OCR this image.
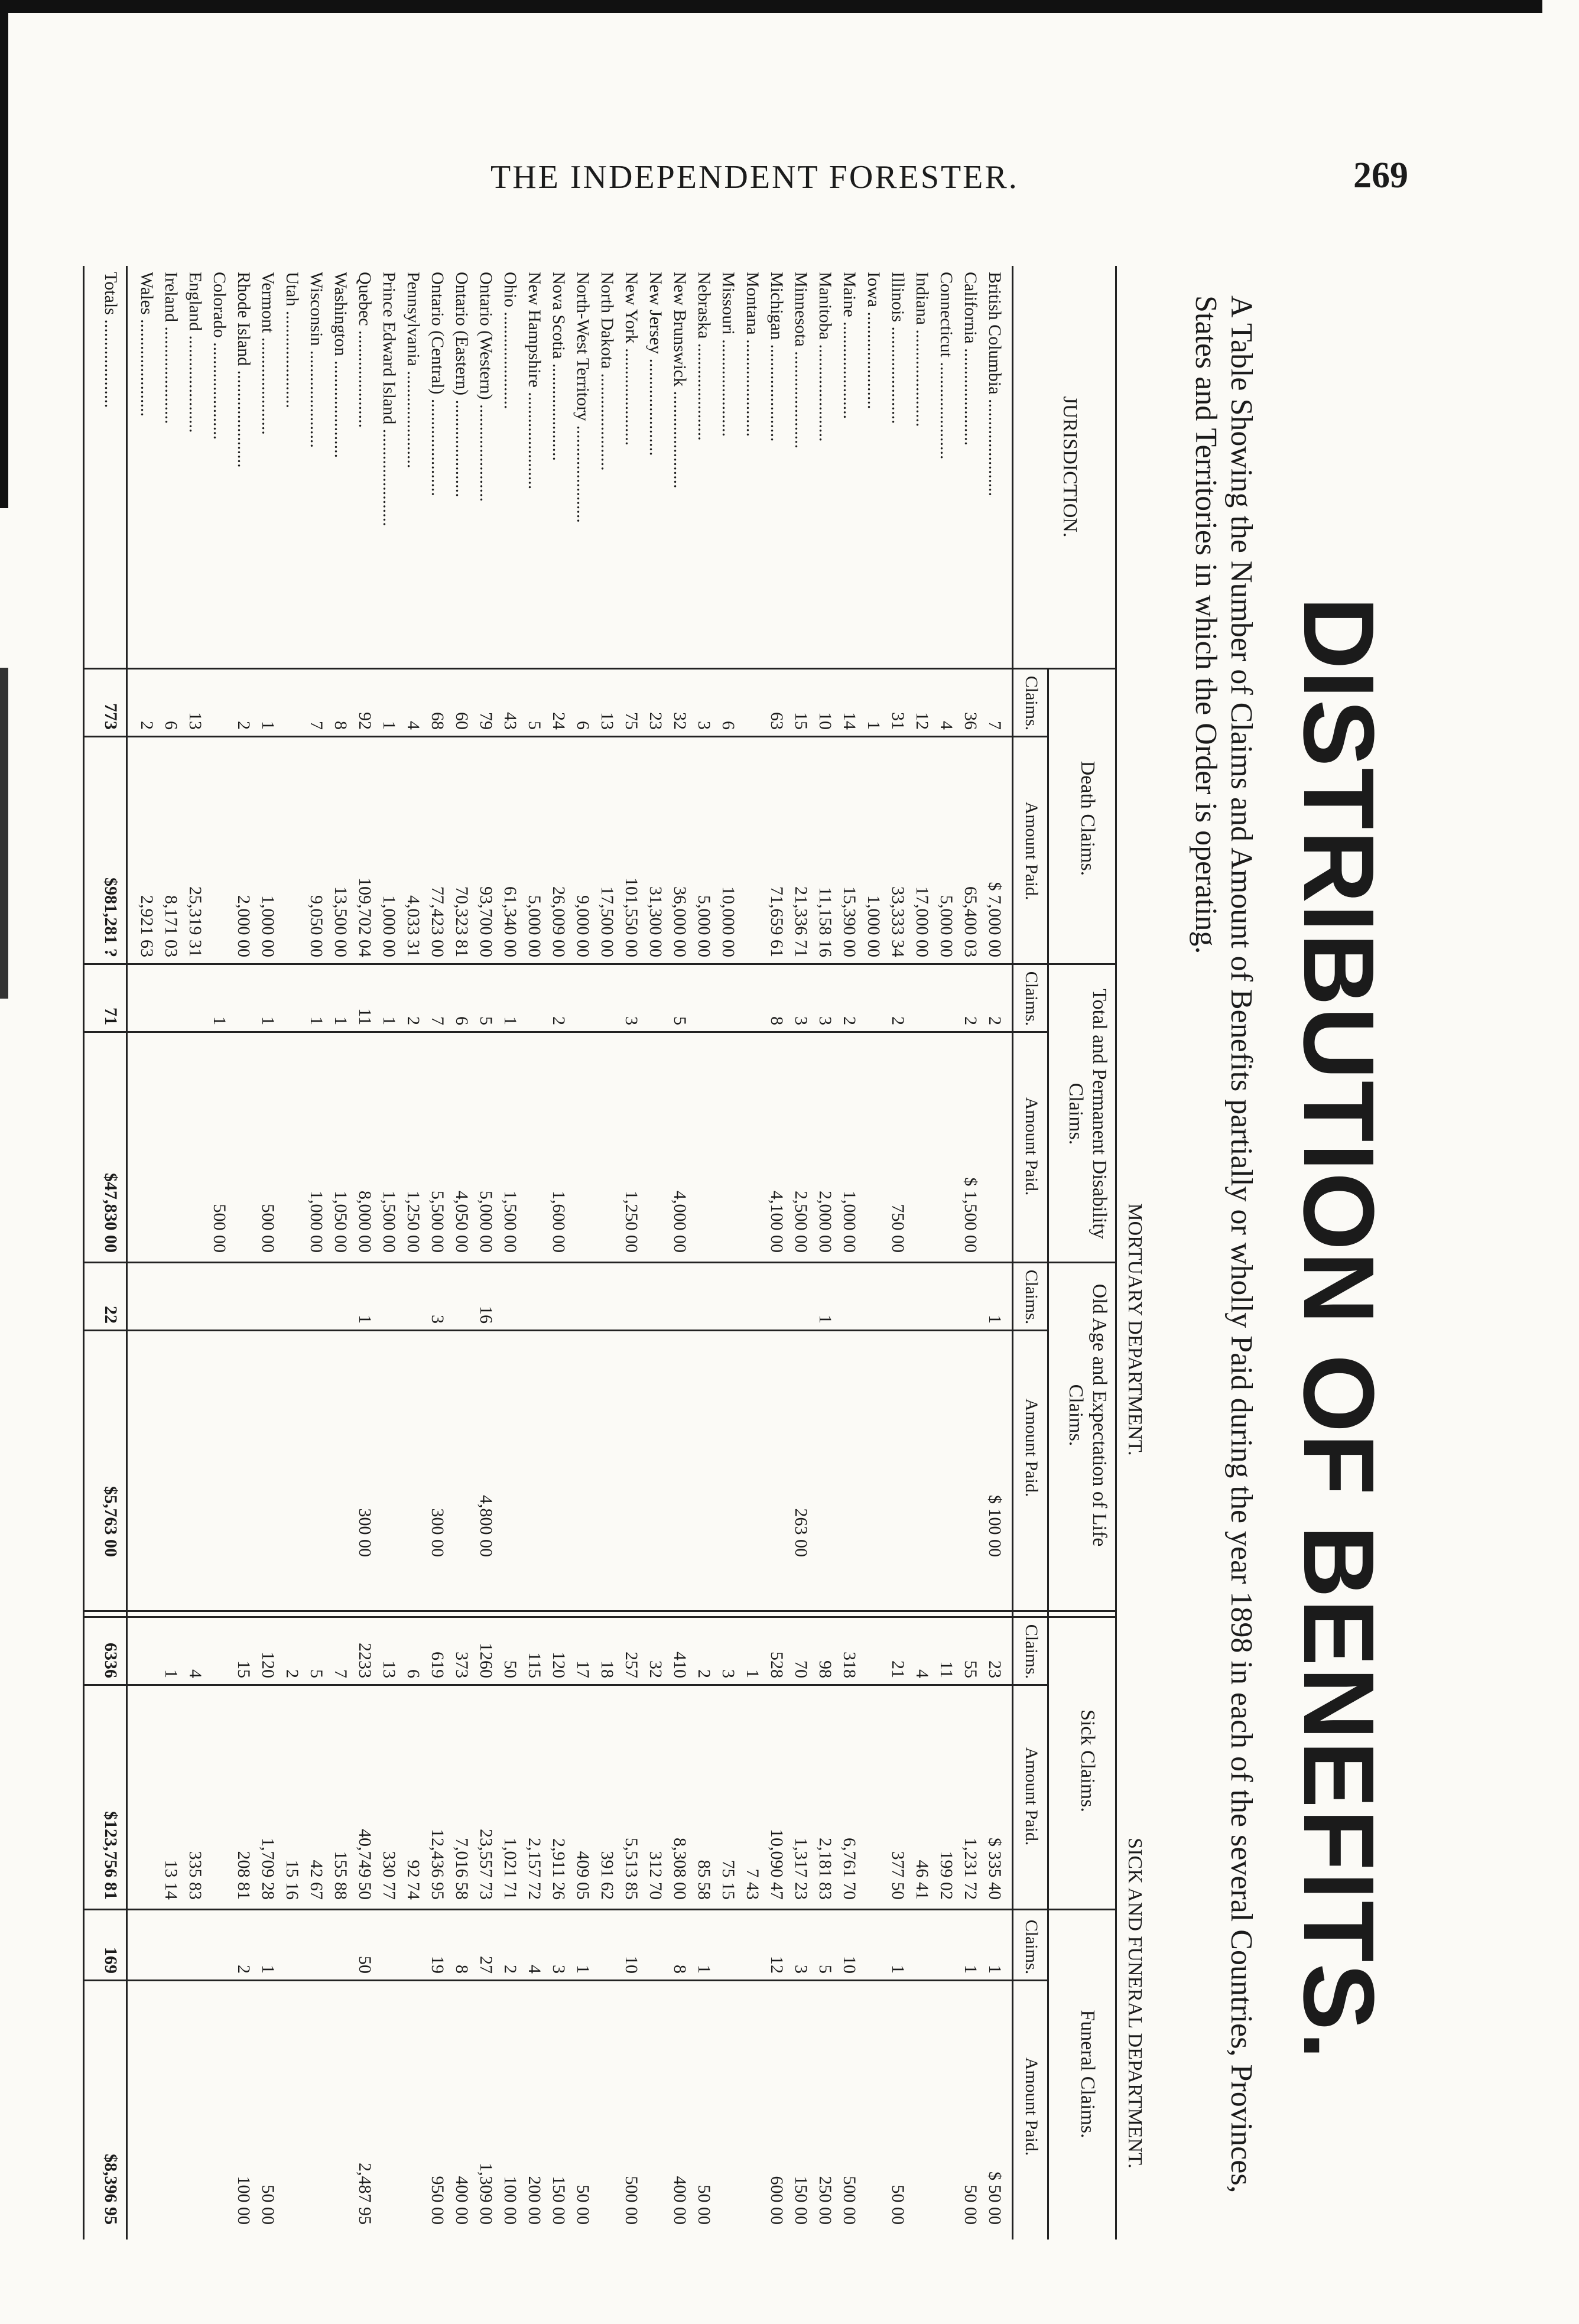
THE INDEPENDENT FORESTER.	269
DISTRIBUTION OF BENEFITS.
A Table Showing the Number of Claims and Amount of Benefits partially or wholly Paid during the year 1898 in each of the several Countries, Provinces, States and Territories in which the Order is operating.
MORTUARY DEPARTMENT.
SICK AND FUNERAL DEPARTMENT.
JURISDICTION.
Death Claims.
Total and Permanent Disability Claims.
Old Age and Expectation of Life Claims.
Sick Claims.
Funeral Claims.
Claims.
Amount Paid.
Claims.
Amount Paid.
Claims.
Amount Paid.
Claims.
Amount Paid.
Claims.
Amount Paid.
British Columbia ......................
7
$ 7,000 00
2
1
$ 100 00
23
$ 335 40
1
$ 50 00
California ......................
36
65,400 03
2
$ 1,500 00
55
1,231 72
1
50 00
Connecticut ......................
4
5,000 00
11
199 02
Indiana ......................
12
17,000 00
4
46 41
Illinois ......................
31
33,333 34
2
750 00
21
377 50
1
50 00
Iowa ......................
1
1,000 00
Maine ......................
14
15,390 00
2
1,000 00
318
6,761 70
10
500 00
Manitoba ......................
10
11,158 16
3
2,000 00
1
98
2,181 83
5
250 00
Minnesota ......................
15
21,336 71
3
2,500 00
263 00
70
1,317 23
3
150 00
Michigan ......................
63
71,659 61
8
4,100 00
528
10,090 47
12
600 00
Montana ......................
1
7 43
Missouri ......................
6
10,000 00
3
75 15
Nebraska ......................
3
5,000 00
2
85 58
1
50 00
New Brunswick ......................
32
36,000 00
5
4,000 00
410
8,308 00
8
400 00
New Jersey ......................
23
31,300 00
32
312 70
New York ......................
75
101,550 00
3
1,250 00
257
5,513 85
10
500 00
North Dakota ......................
13
17,500 00
18
391 62
North-West Territory ......................
6
9,000 00
17
409 05
1
50 00
Nova Scotia ......................
24
26,009 00
2
1,600 00
120
2,911 26
3
150 00
New Hampshire ......................
5
5,000 00
115
2,157 72
4
200 00
Ohio ......................
43
61,340 00
1
1,500 00
50
1,021 71
2
100 00
Ontario (Western) ......................
79
93,700 00
5
5,000 00
16
4,800 00
1260
23,557 73
27
1,309 00
Ontario (Eastern) ......................
60
70,323 81
6
4,050 00
373
7,016 58
8
400 00
Ontario (Central) ......................
68
77,423 00
7
5,500 00
3
300 00
619
12,436 95
19
950 00
Pennsylvania ......................
4
4,033 31
2
1,250 00
6
92 74
Prince Edward Island ......................
1
1,000 00
1
1,500 00
13
330 77
Quebec ......................
92
109,702 04
11
8,000 00
1
300 00
2233
40,749 50
50
2,487 95
Washington ......................
8
13,500 00
1
1,050 00
7
155 88
Wisconsin ......................
7
9,050 00
1
1,000 00
5
42 67
Utah ......................
2
15 16
Vermont ......................
1
1,000 00
1
500 00
120
1,709 28
1
50 00
Rhode Island ......................
2
2,000 00
15
208 81
2
100 00
Colorado ......................
1
500 00
England ......................
13
25,319 31
4
335 83
Ireland ......................
6
8,171 03
1
13 14
Wales ......................
2
2,921 63
Totals ....................
773
$981,281 ?
71
$47,830 00
22
$5,763 00
6336
$123,756 81
169
$8,396 95
